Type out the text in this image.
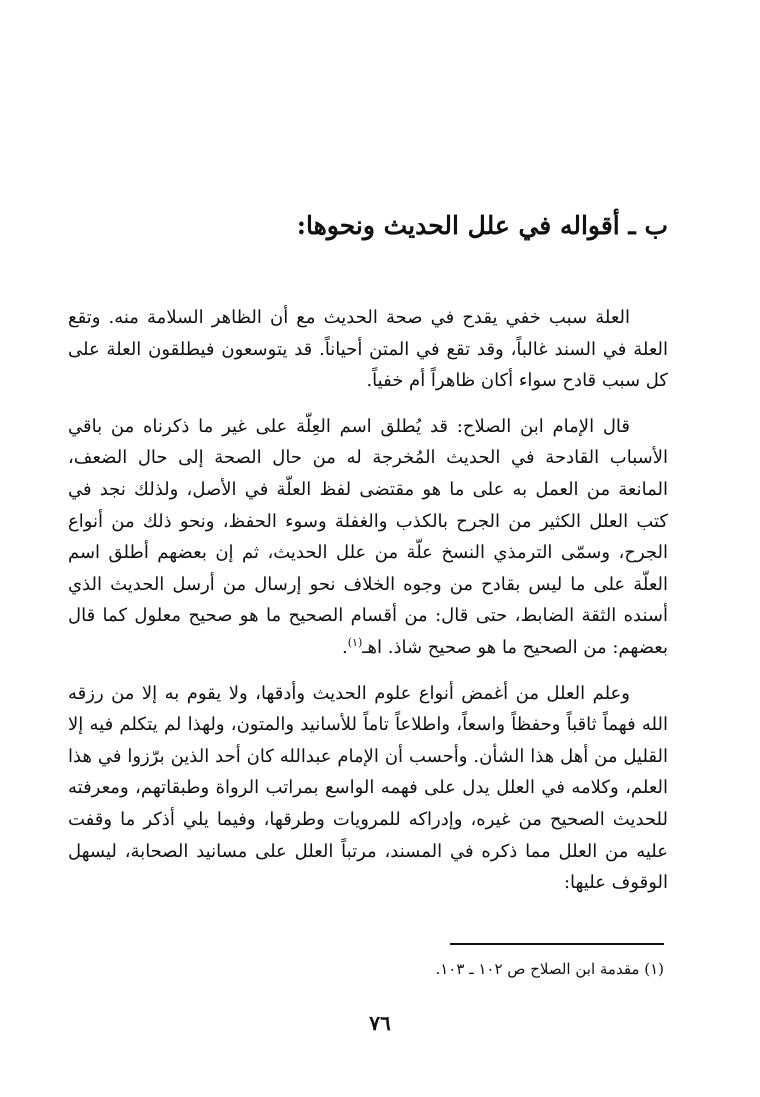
ب ـ أقواله في علل الحديث ونحوها:

العلة سبب خفي يقدح في صحة الحديث مع أن الظاهر السلامة منه. وتقع العلة في السند غالباً، وقد تقع في المتن أحياناً. قد يتوسعون فيطلقون العلة على كل سبب قادح سواء أكان ظاهراً أم خفياً.

قال الإمام ابن الصلاح: قد يُطلق اسم العِلّة على غير ما ذكرناه من باقي الأسباب القادحة في الحديث المُخرجة له من حال الصحة إلى حال الضعف، المانعة من العمل به على ما هو مقتضى لفظ العلّة في الأصل، ولذلك نجد في كتب العلل الكثير من الجرح بالكذب والغفلة وسوء الحفظ، ونحو ذلك من أنواع الجرح، وسمّى الترمذي النسخ علّة من علل الحديث، ثم إن بعضهم أطلق اسم العلّة على ما ليس بقادح من وجوه الخلاف نحو إرسال من أرسل الحديث الذي أسنده الثقة الضابط، حتى قال: من أقسام الصحيح ما هو صحيح معلول كما قال بعضهم: من الصحيح ما هو صحيح شاذ. اهـ$^{(١)}$.

وعلم العلل من أغمض أنواع علوم الحديث وأدقها، ولا يقوم به إلا من رزقه الله فهماً ثاقباً وحفظاً واسعاً، واطلاعاً تاماً للأسانيد والمتون، ولهذا لم يتكلم فيه إلا القليل من أهل هذا الشأن. وأحسب أن الإمام عبدالله كان أحد الذين برّزوا في هذا العلم، وكلامه في العلل يدل على فهمه الواسع بمراتب الرواة وطبقاتهم، ومعرفته للحديث الصحيح من غيره، وإدراكه للمرويات وطرقها، وفيما يلي أذكر ما وقفت عليه من العلل مما ذكره في المسند، مرتباً العلل على مسانيد الصحابة، ليسهل الوقوف عليها:

(١) مقدمة ابن الصلاح ص ١٠٢ ـ ١٠٣.
٧٦
